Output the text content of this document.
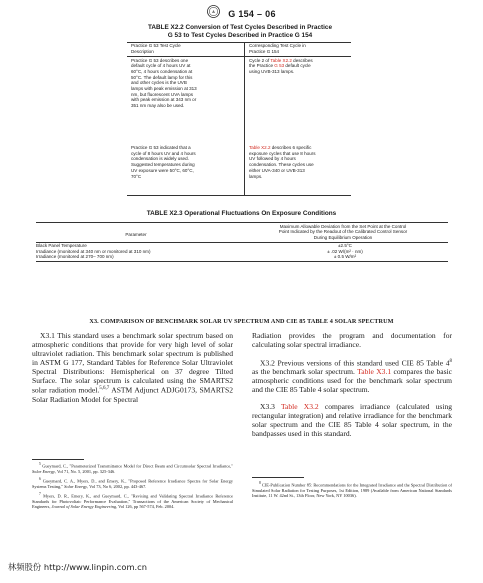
A G 154 – 06
TABLE X2.2 Conversion of Test Cycles Described in Practice
G 53 to Test Cycles Described in Practice G 154

Practice G 53 Test Cycle

Description

Corresponding Test Cycle in

Practice G 154

Practice G 53 describes one

default cycle of 4 hours UV at

60°C, 4 hours condensation at

50°C. The default lamp for this

and other cycles is the UVB

lamps with peak emission at 313

nm, but fluorescent UVA lamps

with peak emission at 343 nm or

351 nm may also be used.

Cycle 2 of Table X2.2 describes

the Practice G 53 default cycle

using UVB-313 lamps.

Practice G 53 indicated that a

cycle of 8 hours UV and 4 hours

condensation is widely used.

Suggested temperatures during

UV exposure were 50°C, 60°C,

70°C

Table X2.2 describes 6 specific

exposure cycles that use 8 hours

UV followed by 4 hours

condensation. These cycles use

either UVA-340 or UVB-313

lamps.

TABLE X2.3 Operational Fluctuations On Exposure Conditions
Parameter

Maximum Allowable Deviation from the Set Point at the Control

Point Indicated by the Readout of the Calibrated Control Sensor

During Equilibrium Operation

Black Panel Temperature

Irradiance (monitored at 340 nm or monitored at 310 nm)

Irradiance (monitored at 270– 700 nm)

±2.5°C

± .02 W/(m² · nm)

± 0.5 W/m²

X3. COMPARISON OF BENCHMARK SOLAR UV SPECTRUM AND CIE 85 TABLE 4 SOLAR SPECTRUM

X3.1 This standard uses a benchmark solar spectrum based on atmospheric conditions that provide for very high level of solar ultraviolet radiation. This benchmark solar spectrum is published in ASTM G 177, Standard Tables for Reference Solar Ultraviolet Spectral Distributions: Hemispherical on 37 degree Tilted Surface. The solar spectrum is calculated using the SMARTS2 solar radiation model.$^{5,6,7}$ ASTM Adjunct ADJG0173, SMARTS2 Solar Radiation Model for Spectral

Radiation provides the program and documentation for calculating solar spectral irradiance.

X3.2 Previous versions of this standard used CIE 85 Table $4^8$ as the benchmark solar spectrum. Table X3.1 compares the basic atmospheric conditions used for the benchmark solar spectrum and the CIE 85 Table 4 solar spectrum.

X3.3 Table X3.2 compares irradiance (calculated using rectangular integration) and relative irradiance for the benchmark solar spectrum and the CIE 85 Table 4 solar spectrum, in the bandpasses used in this standard.

$^5$ Gueymard, C., "Parameterized Transmittance Model for Direct Beam and Circumsolar Spectral Irradiance," Solar Energy, Vol 71, No. 5, 2001, pp. 325-346.

$^6$ Gueymard, C. A., Myers, D., and Emery, K., "Proposed Reference Irradiance Spectra for Solar Energy Systems Testing," Solar Energy, Vol 73, No 6, 2002, pp. 443-467.

$^7$ Myers, D. R., Emery, K., and Gueymard, C., "Revising and Validating Spectral Irradiance Reference Standards for Photovoltaic Performance Evaluation," Transactions of the American Society of Mechanical Engineers, Journal of Solar Energy Engineering, Vol 126, pp 567-574, Feb. 2004.

$^8$ CIE-Publication Number 85: Recommendations for the Integrated Irradiance and the Spectral Distribution of Simulated Solar Radiation for Testing Purposes, 1st Edition, 1989 (Available from American National Standards Institute, 11 W. 42nd St., 13th Floor, New York, NY 10036).

林频股份 http://www.linpin.com.cn
